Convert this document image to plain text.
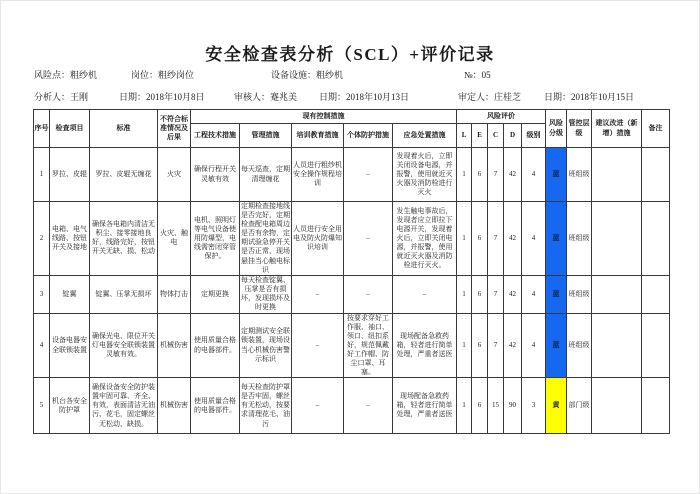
安全检查表分析（SCL）+评价记录
风险点：粗纱机	岗位：粗纱岗位	设备设施：粗纱机	№：05
分析人：王刚	日期：2018年10月8日	审核人：蹇兆美 日期：2018年10月13日	审定人：庄桂芝	日期：2018年10月15日
序号	检查项目	标准	不符合标准情况及后果	现有控制措施					风险评价					风险分级	管控层级	建议改进（新增）措施	备注
				工程技术措施	管理措施	培训教育措施	个体防护措施	应急处置措施	L	E	C	D	级别				
1	罗拉、皮辊	罗拉、皮辊无缠花	火灾	确保行程开关灵敏有效	每天巡查，定期清理缠花	人员进行粗纱机安全操作规程培训	–	发现着火后，立即关闭设备电源，并报警，使用就近灭火器及消防栓进行灭火	1	6	7	42	4	蓝	班组级		
2	电箱、电气线路、按钮开关及接地	确保各电箱内清洁无积尘、接零接地良好，线路完好，按钮开关无缺、损、松动	火灾、触电	电机、照明灯等电气设备使用防爆型，电线需密闭穿管保护。	定期检查接地线是否完好，定期检查配电箱周边是否有余物，定期试验急停开关是否正常，现场悬挂当心触电标识	人员进行安全用电及防火防爆知识培训	–	发生触电事故后，发现者应立即拉下电源开关，发现着火后，立即关闭电源，并报警，使用就近灭火器及消防栓进行灭火。	1	6	7	42	4	蓝	班组级		
3	锭翼	锭翼、压掌无损坏	物体打击	定期更换	每天检查锭翼、压掌是否有损坏，发现损坏及时更换	–	–	–	1	6	7	42	4	蓝	班组级		
4	设备电器安全联锁装置	确保光电、限位开关灯电器安全联锁装置灵敏有效。	机械伤害	使用质量合格的电器部件。	定期测试安全联锁装置，现场设当心机械伤害警示标识	–	按要求穿好工作服、袖口、领口、纽扣系好，规范佩戴好工作帽、防尘口罩、耳塞。	现场配备急救药箱，轻者进行简单处理，严重者送医	1	6	7	42	4	蓝	班组级		
5	机台各安全防护罩	确保设备安全防护装置牢固可靠、齐全、有效，表面清洁无油污、花毛，固定螺丝无松动、缺损。	机械伤害	使用质量合格的电器部件。	每天检查防护罩是否牢固，螺丝有无松动，按要求清理花毛、油污	–	–	现场配备急救药箱，轻者进行简单处理，严重者送医	1	6	15	90	3	黄	部门级		
